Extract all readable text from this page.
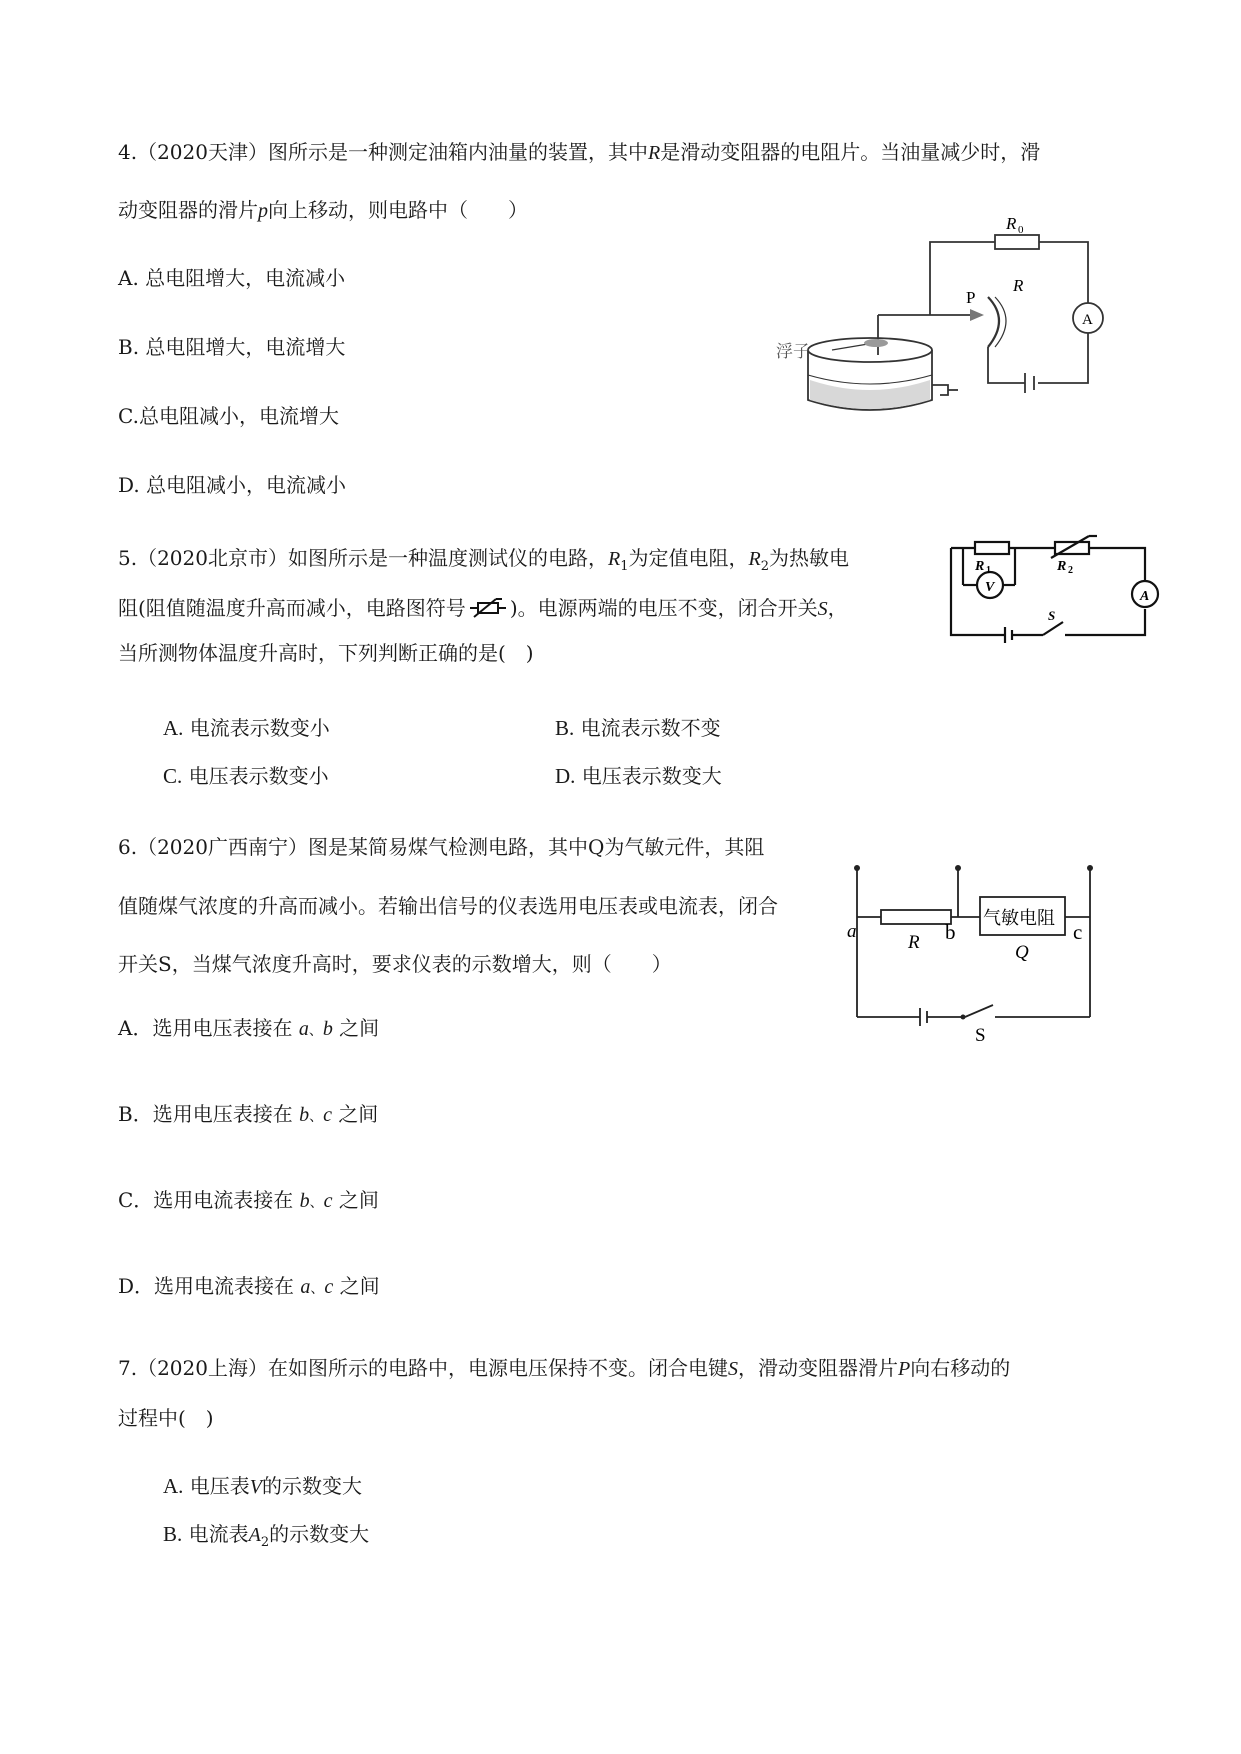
4.（2020天津）图所示是一种测定油箱内油量的装置，其中R是滑动变阻器的电阻片。当油量减少时，滑
动变阻器的滑片p向上移动，则电路中（　　）
A. 总电阻增大，电流减小
B. 总电阻增大，电流增大
C.总电阻减小，电流增大
D. 总电阻减小，电流减小
R 0
P
R
A
浮子
5.（2020北京市）如图所示是一种温度测试仪的电路，$R_1$为定值电阻，$R_2$为热敏电
阻(阻值随温度升高而减小，电路图符号 )。电源两端的电压不变，闭合开关S，
当所测物体温度升高时，下列判断正确的是(　)
R 1	R 2
V
A
S
A. 电流表示数变小	B. 电流表示数不变
C. 电压表示数变小	D. 电压表示数变大
6.（2020广西南宁）图是某简易煤气检测电路，其中Q为气敏元件，其阻
值随煤气浓度的升高而减小。若输出信号的仪表选用电压表或电流表，闭合
开关S，当煤气浓度升高时，要求仪表的示数增大，则（　　）
a	b	c
R
气敏电阻
Q
S
A．选用电压表接在 a、b 之间
B．选用电压表接在 b、c 之间
C．选用电流表接在 b、c 之间
D．选用电流表接在 a、c 之间
7.（2020上海）在如图所示的电路中，电源电压保持不变。闭合电键S，滑动变阻器滑片P向右移动的
过程中(　)
A. 电压表V的示数变大
B. 电流表$A_2$的示数变大
